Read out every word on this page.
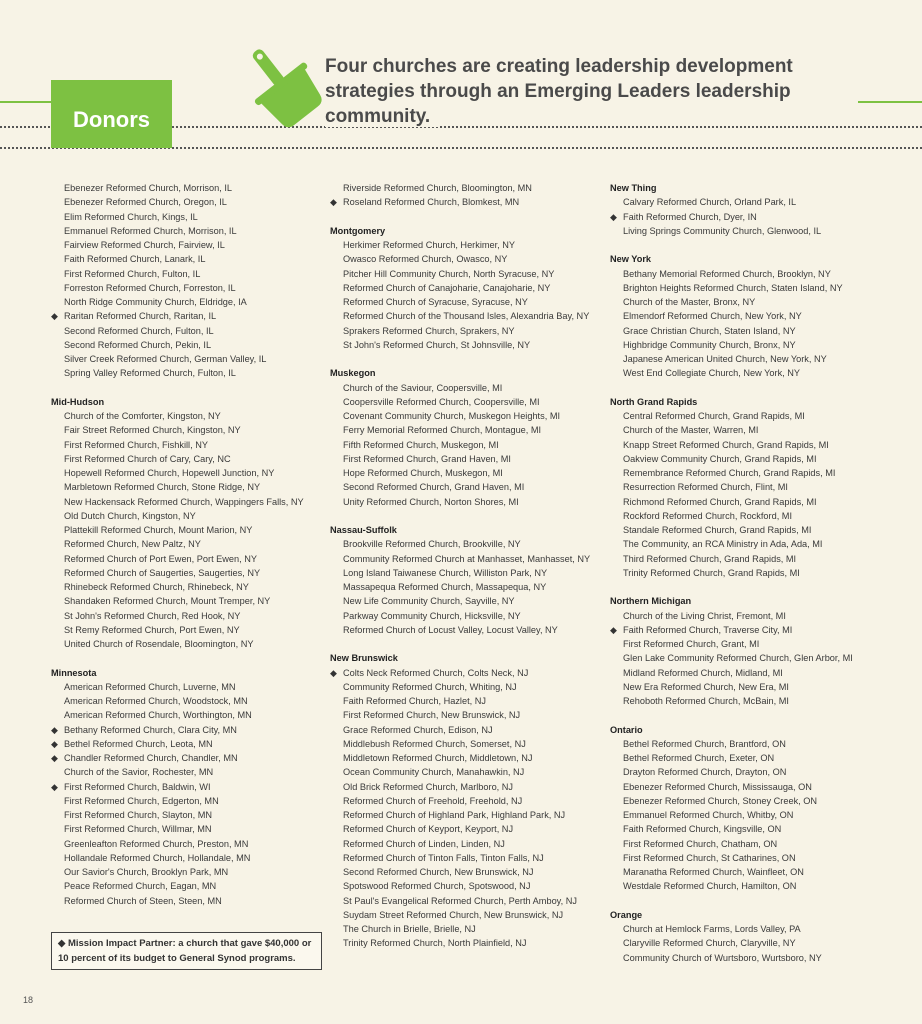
Donors
Four churches are creating leadership development strategies through an Emerging Leaders leadership community.
Ebenezer Reformed Church, Morrison, IL
Ebenezer Reformed Church, Oregon, IL
Elim Reformed Church, Kings, IL
Emmanuel Reformed Church, Morrison, IL
Fairview Reformed Church, Fairview, IL
Faith Reformed Church, Lanark, IL
First Reformed Church, Fulton, IL
Forreston Reformed Church, Forreston, IL
North Ridge Community Church, Eldridge, IA
◆ Raritan Reformed Church, Raritan, IL
Second Reformed Church, Fulton, IL
Second Reformed Church, Pekin, IL
Silver Creek Reformed Church, German Valley, IL
Spring Valley Reformed Church, Fulton, IL
Mid-Hudson
Church of the Comforter, Kingston, NY
Fair Street Reformed Church, Kingston, NY
First Reformed Church, Fishkill, NY
First Reformed Church of Cary, Cary, NC
Hopewell Reformed Church, Hopewell Junction, NY
Marbletown Reformed Church, Stone Ridge, NY
New Hackensack Reformed Church, Wappingers Falls, NY
Old Dutch Church, Kingston, NY
Plattekill Reformed Church, Mount Marion, NY
Reformed Church, New Paltz, NY
Reformed Church of Port Ewen, Port Ewen, NY
Reformed Church of Saugerties, Saugerties, NY
Rhinebeck Reformed Church, Rhinebeck, NY
Shandaken Reformed Church, Mount Tremper, NY
St John's Reformed Church, Red Hook, NY
St Remy Reformed Church, Port Ewen, NY
United Church of Rosendale, Bloomington, NY
Minnesota
American Reformed Church, Luverne, MN
American Reformed Church, Woodstock, MN
American Reformed Church, Worthington, MN
◆ Bethany Reformed Church, Clara City, MN
◆ Bethel Reformed Church, Leota, MN
◆ Chandler Reformed Church, Chandler, MN
Church of the Savior, Rochester, MN
◆ First Reformed Church, Baldwin, WI
First Reformed Church, Edgerton, MN
First Reformed Church, Slayton, MN
First Reformed Church, Willmar, MN
Greenleafton Reformed Church, Preston, MN
Hollandale Reformed Church, Hollandale, MN
Our Savior's Church, Brooklyn Park, MN
Peace Reformed Church, Eagan, MN
Reformed Church of Steen, Steen, MN
Riverside Reformed Church, Bloomington, MN
◆ Roseland Reformed Church, Blomkest, MN
Montgomery
Herkimer Reformed Church, Herkimer, NY
Owasco Reformed Church, Owasco, NY
Pitcher Hill Community Church, North Syracuse, NY
Reformed Church of Canajoharie, Canajoharie, NY
Reformed Church of Syracuse, Syracuse, NY
Reformed Church of the Thousand Isles, Alexandria Bay, NY
Sprakers Reformed Church, Sprakers, NY
St John's Reformed Church, St Johnsville, NY
Muskegon
Church of the Saviour, Coopersville, MI
Coopersville Reformed Church, Coopersville, MI
Covenant Community Church, Muskegon Heights, MI
Ferry Memorial Reformed Church, Montague, MI
Fifth Reformed Church, Muskegon, MI
First Reformed Church, Grand Haven, MI
Hope Reformed Church, Muskegon, MI
Second Reformed Church, Grand Haven, MI
Unity Reformed Church, Norton Shores, MI
Nassau-Suffolk
Brookville Reformed Church, Brookville, NY
Community Reformed Church at Manhasset, Manhasset, NY
Long Island Taiwanese Church, Williston Park, NY
Massapequa Reformed Church, Massapequa, NY
New Life Community Church, Sayville, NY
Parkway Community Church, Hicksville, NY
Reformed Church of Locust Valley, Locust Valley, NY
New Brunswick
◆ Colts Neck Reformed Church, Colts Neck, NJ
Community Reformed Church, Whiting, NJ
Faith Reformed Church, Hazlet, NJ
First Reformed Church, New Brunswick, NJ
Grace Reformed Church, Edison, NJ
Middlebush Reformed Church, Somerset, NJ
Middletown Reformed Church, Middletown, NJ
Ocean Community Church, Manahawkin, NJ
Old Brick Reformed Church, Marlboro, NJ
Reformed Church of Freehold, Freehold, NJ
Reformed Church of Highland Park, Highland Park, NJ
Reformed Church of Keyport, Keyport, NJ
Reformed Church of Linden, Linden, NJ
Reformed Church of Tinton Falls, Tinton Falls, NJ
Second Reformed Church, New Brunswick, NJ
Spotswood Reformed Church, Spotswood, NJ
St Paul's Evangelical Reformed Church, Perth Amboy, NJ
Suydam Street Reformed Church, New Brunswick, NJ
The Church in Brielle, Brielle, NJ
Trinity Reformed Church, North Plainfield, NJ
New Thing
Calvary Reformed Church, Orland Park, IL
◆ Faith Reformed Church, Dyer, IN
Living Springs Community Church, Glenwood, IL
New York
Bethany Memorial Reformed Church, Brooklyn, NY
Brighton Heights Reformed Church, Staten Island, NY
Church of the Master, Bronx, NY
Elmendorf Reformed Church, New York, NY
Grace Christian Church, Staten Island, NY
Highbridge Community Church, Bronx, NY
Japanese American United Church, New York, NY
West End Collegiate Church, New York, NY
North Grand Rapids
Central Reformed Church, Grand Rapids, MI
Church of the Master, Warren, MI
Knapp Street Reformed Church, Grand Rapids, MI
Oakview Community Church, Grand Rapids, MI
Remembrance Reformed Church, Grand Rapids, MI
Resurrection Reformed Church, Flint, MI
Richmond Reformed Church, Grand Rapids, MI
Rockford Reformed Church, Rockford, MI
Standale Reformed Church, Grand Rapids, MI
The Community, an RCA Ministry in Ada, Ada, MI
Third Reformed Church, Grand Rapids, MI
Trinity Reformed Church, Grand Rapids, MI
Northern Michigan
Church of the Living Christ, Fremont, MI
◆ Faith Reformed Church, Traverse City, MI
First Reformed Church, Grant, MI
Glen Lake Community Reformed Church, Glen Arbor, MI
Midland Reformed Church, Midland, MI
New Era Reformed Church, New Era, MI
Rehoboth Reformed Church, McBain, MI
Ontario
Bethel Reformed Church, Brantford, ON
Bethel Reformed Church, Exeter, ON
Drayton Reformed Church, Drayton, ON
Ebenezer Reformed Church, Mississauga, ON
Ebenezer Reformed Church, Stoney Creek, ON
Emmanuel Reformed Church, Whitby, ON
Faith Reformed Church, Kingsville, ON
First Reformed Church, Chatham, ON
First Reformed Church, St Catharines, ON
Maranatha Reformed Church, Wainfleet, ON
Westdale Reformed Church, Hamilton, ON
Orange
Church at Hemlock Farms, Lords Valley, PA
Claryville Reformed Church, Claryville, NY
Community Church of Wurtsboro, Wurtsboro, NY
◆ Mission Impact Partner: a church that gave $40,000 or 10 percent of its budget to General Synod programs.
18
